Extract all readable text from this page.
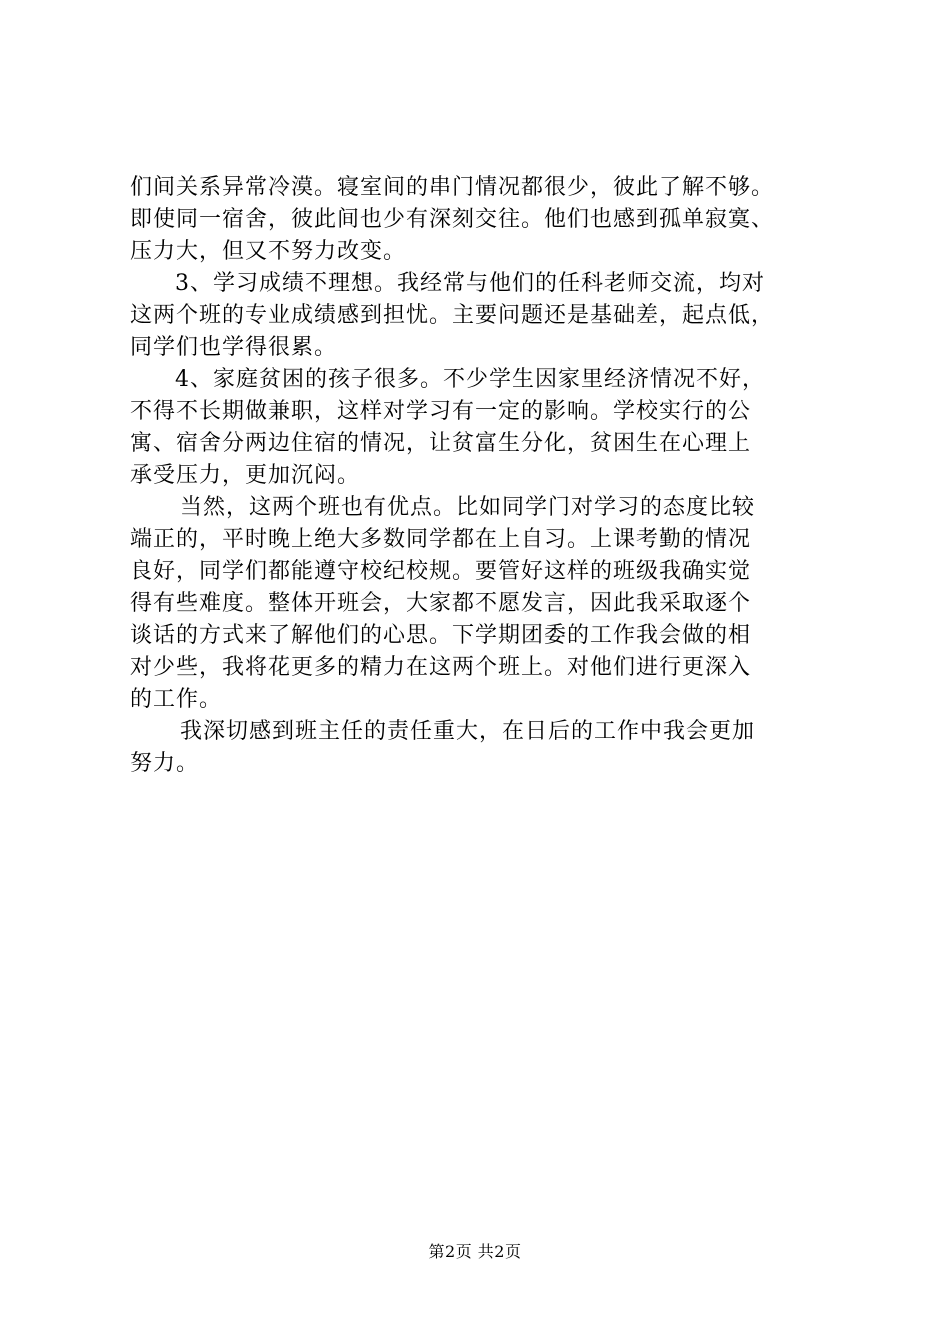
们间关系异常冷漠。寝室间的串门情况都很少，彼此了解不够。
即使同一宿舍，彼此间也少有深刻交往。他们也感到孤单寂寞、
压力大，但又不努力改变。
3、学习成绩不理想。我经常与他们的任科老师交流，均对
这两个班的专业成绩感到担忧。主要问题还是基础差，起点低，
同学们也学得很累。
4、家庭贫困的孩子很多。不少学生因家里经济情况不好，
不得不长期做兼职，这样对学习有一定的影响。学校实行的公
寓、宿舍分两边住宿的情况，让贫富生分化，贫困生在心理上
承受压力，更加沉闷。
当然，这两个班也有优点。比如同学门对学习的态度比较
端正的，平时晚上绝大多数同学都在上自习。上课考勤的情况
良好，同学们都能遵守校纪校规。要管好这样的班级我确实觉
得有些难度。整体开班会，大家都不愿发言，因此我采取逐个
谈话的方式来了解他们的心思。下学期团委的工作我会做的相
对少些，我将花更多的精力在这两个班上。对他们进行更深入
的工作。
我深切感到班主任的责任重大，在日后的工作中我会更加
努力。
第2页 共2页
